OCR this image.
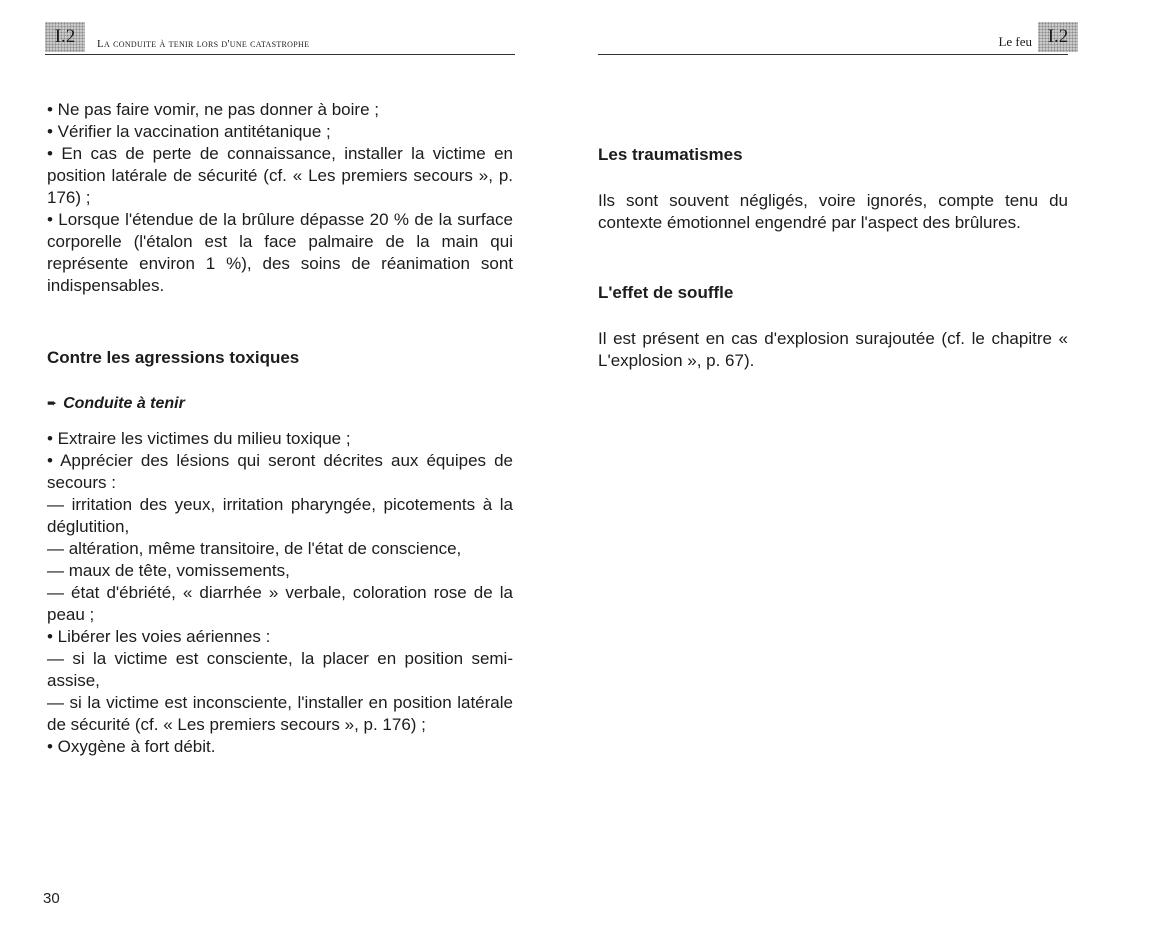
I.2	La conduite à tenir lors d'une catastrophe

• Ne pas faire vomir, ne pas donner à boire ;

• Vérifier la vaccination antitétanique ;

• En cas de perte de connaissance, installer la victime en position latérale de sécurité (cf. « Les premiers secours », p. 176) ;

• Lorsque l'étendue de la brûlure dépasse 20 % de la surface corporelle (l'étalon est la face palmaire de la main qui représente environ 1 %), des soins de réanimation sont indispensables.

Contre les agressions toxiques
➨ Conduite à tenir

• Extraire les victimes du milieu toxique ;

• Apprécier des lésions qui seront décrites aux équipes de secours :

— irritation des yeux, irritation pharyngée, picotements à la déglutition,

— altération, même transitoire, de l'état de conscience,

— maux de tête, vomissements,

— état d'ébriété, « diarrhée » verbale, coloration rose de la peau ;

• Libérer les voies aériennes :

— si la victime est consciente, la placer en position semi-assise,

— si la victime est inconsciente, l'installer en position latérale de sécurité (cf. « Les premiers secours », p. 176) ;

• Oxygène à fort débit.

30
Le feu I.2
Les traumatismes

Ils sont souvent négligés, voire ignorés, compte tenu du contexte émotionnel engendré par l'aspect des brûlures.

L'effet de souffle

Il est présent en cas d'explosion surajoutée (cf. le chapitre « L'explosion », p. 67).
